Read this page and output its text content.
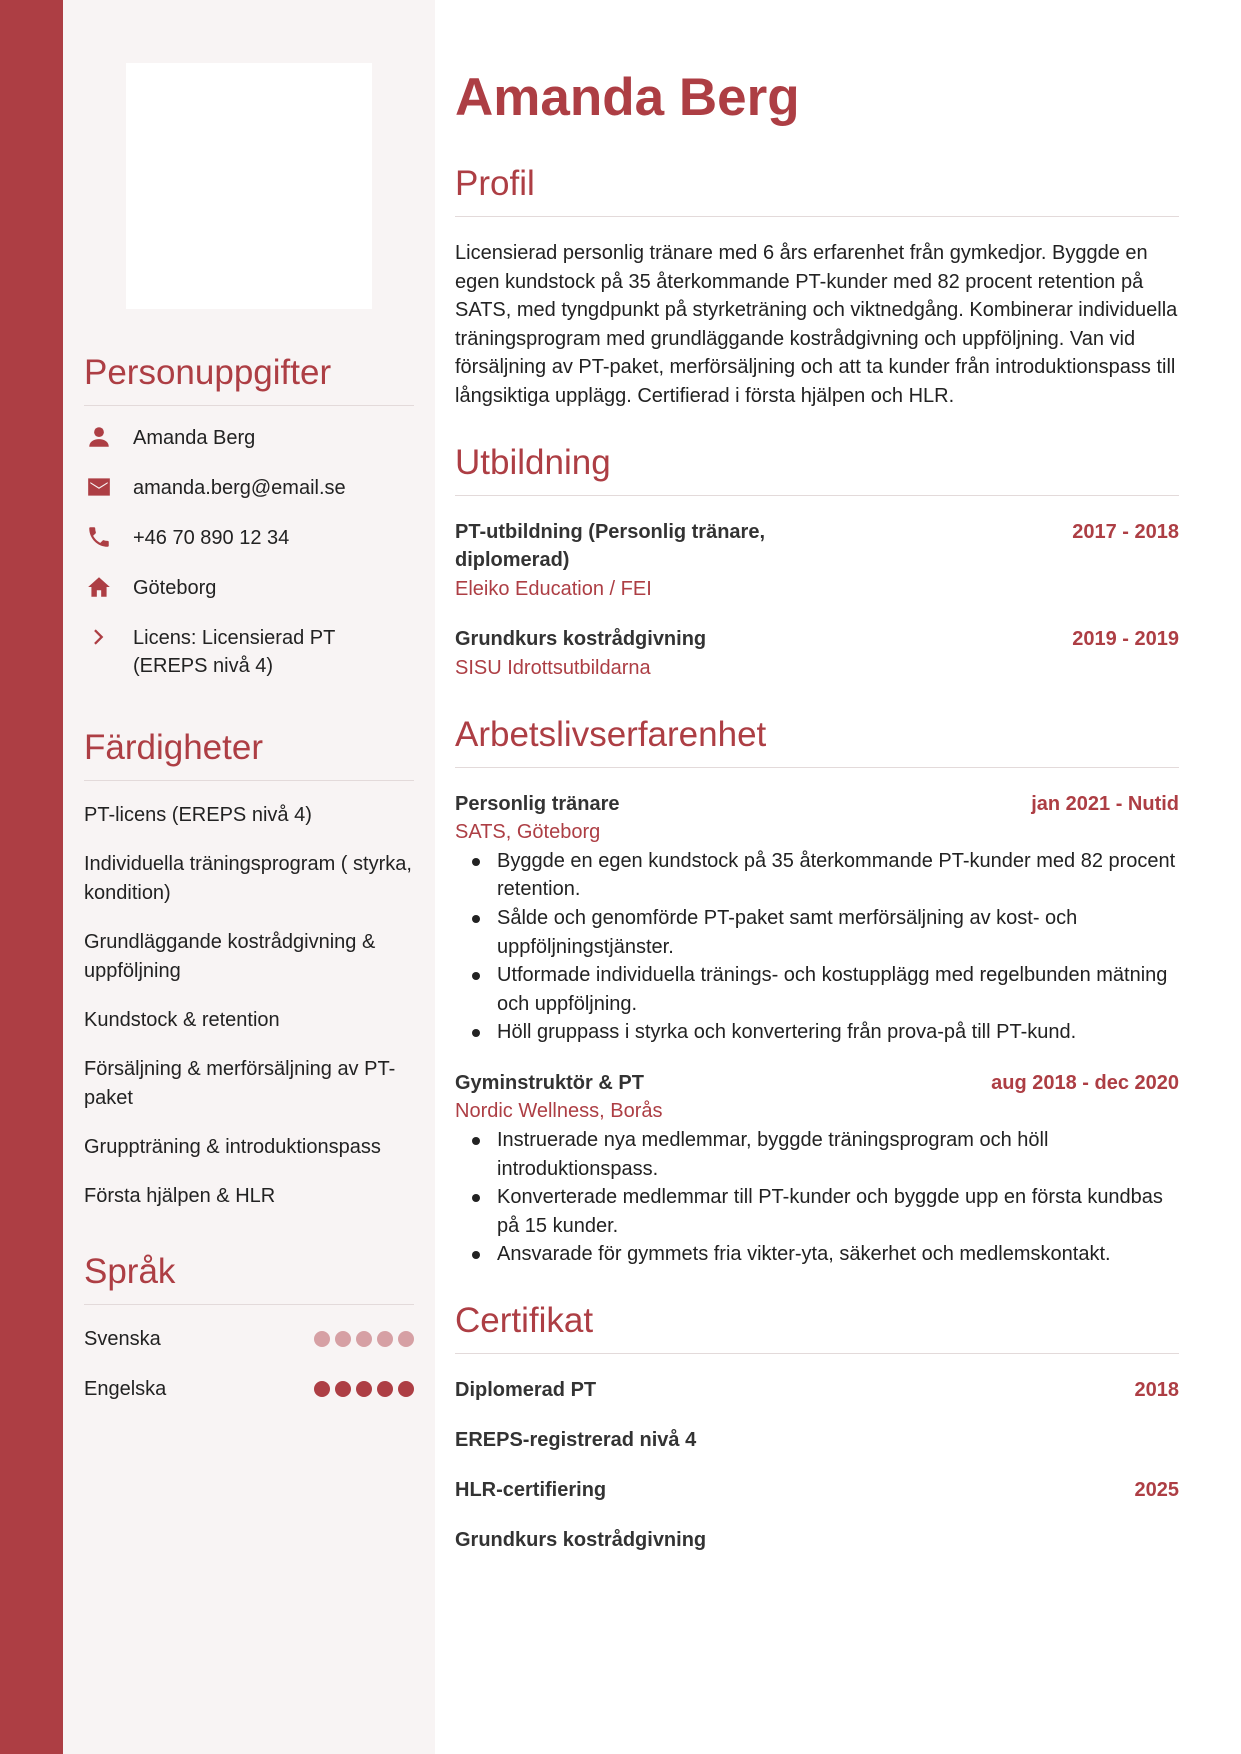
Personuppgifter
Amanda Berg
amanda.berg@email.se
+46 70 890 12 34
Göteborg
Licens: Licensierad PT (EREPS nivå 4)
Färdigheter
PT-licens (EREPS nivå 4)
Individuella träningsprogram ( styrka, kondition)
Grundläggande kostrådgivning & uppföljning
Kundstock & retention
Försäljning & merförsäljning av PT-paket
Gruppträning & introduktionspass
Första hjälpen & HLR
Språk
Svenska
Engelska
Amanda Berg
Profil
Licensierad personlig tränare med 6 års erfarenhet från gymkedjor. Byggde en egen kundstock på 35 återkommande PT-kunder med 82 procent retention på SATS, med tyngdpunkt på styrketräning och viktnedgång. Kombinerar individuella träningsprogram med grundläggande kostrådgivning och uppföljning. Van vid försäljning av PT-paket, merförsäljning och att ta kunder från introduktionspass till långsiktiga upplägg. Certifierad i första hjälpen och HLR.
Utbildning
PT-utbildning (Personlig tränare, diplomerad)
2017 - 2018
Eleiko Education / FEI
Grundkurs kostrådgivning	2019 - 2019
SISU Idrottsutbildarna
Arbetslivserfarenhet
Personlig tränare	jan 2021 - Nutid
SATS, Göteborg
Byggde en egen kundstock på 35 återkommande PT-kunder med 82 procent retention.
Sålde och genomförde PT-paket samt merförsäljning av kost- och uppföljningstjänster.
Utformade individuella tränings- och kostupplägg med regelbunden mätning och uppföljning.
Höll gruppass i styrka och konvertering från prova-på till PT-kund.
Gyminstruktör & PT	aug 2018 - dec 2020
Nordic Wellness, Borås
Instruerade nya medlemmar, byggde träningsprogram och höll introduktionspass.
Konverterade medlemmar till PT-kunder och byggde upp en första kundbas på 15 kunder.
Ansvarade för gymmets fria vikter-yta, säkerhet och medlemskontakt.
Certifikat
Diplomerad PT	2018
EREPS-registrerad nivå 4
HLR-certifiering	2025
Grundkurs kostrådgivning
